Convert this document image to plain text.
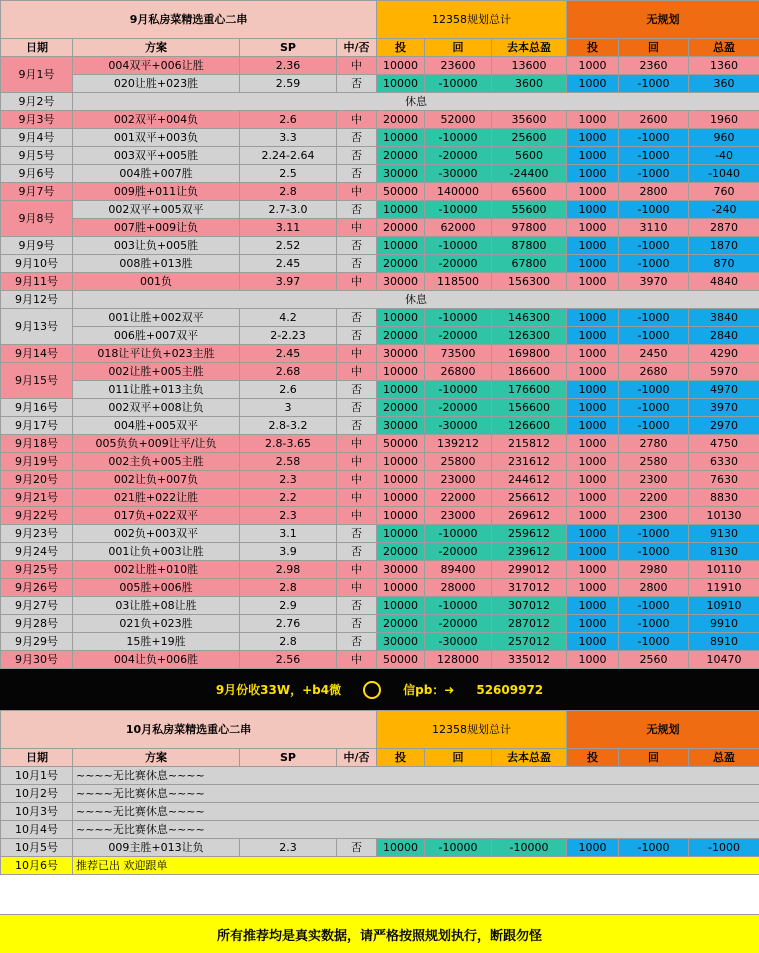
9月私房菜精选重心二串				12358规划总计			无规划		
日期	方案	SP	中/否	投	回	去本总盈	投	回	总盈
9月1号	004双平+006让胜	2.36	中	10000	23600	13600	1000	2360	1360
	020让胜+023胜	2.59	否	10000	-10000	3600	1000	-1000	360
9月2号	休息								
9月3号	002双平+004负	2.6	中	20000	52000	35600	1000	2600	1960
9月4号	001双平+003负	3.3	否	10000	-10000	25600	1000	-1000	960
9月5号	003双平+005胜	2.24-2.64	否	20000	-20000	5600	1000	-1000	-40
9月6号	004胜+007胜	2.5	否	30000	-30000	-24400	1000	-1000	-1040
9月7号	009胜+011让负	2.8	中	50000	140000	65600	1000	2800	760
9月8号	002双平+005双平	2.7-3.0	否	10000	-10000	55600	1000	-1000	-240
	007胜+009让负	3.11	中	20000	62000	97800	1000	3110	2870
9月9号	003让负+005胜	2.52	否	10000	-10000	87800	1000	-1000	1870
9月10号	008胜+013胜	2.45	否	20000	-20000	67800	1000	-1000	870
9月11号	001负	3.97	中	30000	118500	156300	1000	3970	4840
9月12号	休息								
9月13号	001让胜+002双平	4.2	否	10000	-10000	146300	1000	-1000	3840
	006胜+007双平	2-2.23	否	20000	-20000	126300	1000	-1000	2840
9月14号	018让平让负+023主胜	2.45	中	30000	73500	169800	1000	2450	4290
9月15号	002让胜+005主胜	2.68	中	10000	26800	186600	1000	2680	5970
	011让胜+013主负	2.6	否	10000	-10000	176600	1000	-1000	4970
9月16号	002双平+008让负	3	否	20000	-20000	156600	1000	-1000	3970
9月17号	004胜+005双平	2.8-3.2	否	30000	-30000	126600	1000	-1000	2970
9月18号	005负负+009让平/让负	2.8-3.65	中	50000	139212	215812	1000	2780	4750
9月19号	002主负+005主胜	2.58	中	10000	25800	231612	1000	2580	6330
9月20号	002让负+007负	2.3	中	10000	23000	244612	1000	2300	7630
9月21号	021胜+022让胜	2.2	中	10000	22000	256612	1000	2200	8830
9月22号	017负+022双平	2.3	中	10000	23000	269612	1000	2300	10130
9月23号	002负+003双平	3.1	否	10000	-10000	259612	1000	-1000	9130
9月24号	001让负+003让胜	3.9	否	20000	-20000	239612	1000	-1000	8130
9月25号	002让胜+010胜	2.98	中	30000	89400	299012	1000	2980	10110
9月26号	005胜+006胜	2.8	中	10000	28000	317012	1000	2800	11910
9月27号	03让胜+08让胜	2.9	否	10000	-10000	307012	1000	-1000	10910
9月28号	021负+023胜	2.76	否	20000	-20000	287012	1000	-1000	9910
9月29号	15胜+19胜	2.8	否	30000	-30000	257012	1000	-1000	8910
9月30号	004让负+006胜	2.56	中	50000	128000	335012	1000	2560	10470
9月份收33W，+b4微	信pb：➜ 52609972
10月私房菜精选重心二串				12358规划总计			无规划		
日期	方案	SP	中/否	投	回	去本总盈	投	回	总盈
10月1号	~~~~无比赛休息~~~~								
10月2号	~~~~无比赛休息~~~~								
10月3号	~~~~无比赛休息~~~~								
10月4号	~~~~无比赛休息~~~~								
10月5号	009主胜+013让负	2.3	否	10000	-10000	-10000	1000	-1000	-1000
10月6号	推荐已出 欢迎跟单								
所有推荐均是真实数据，请严格按照规划执行，断跟勿怪
